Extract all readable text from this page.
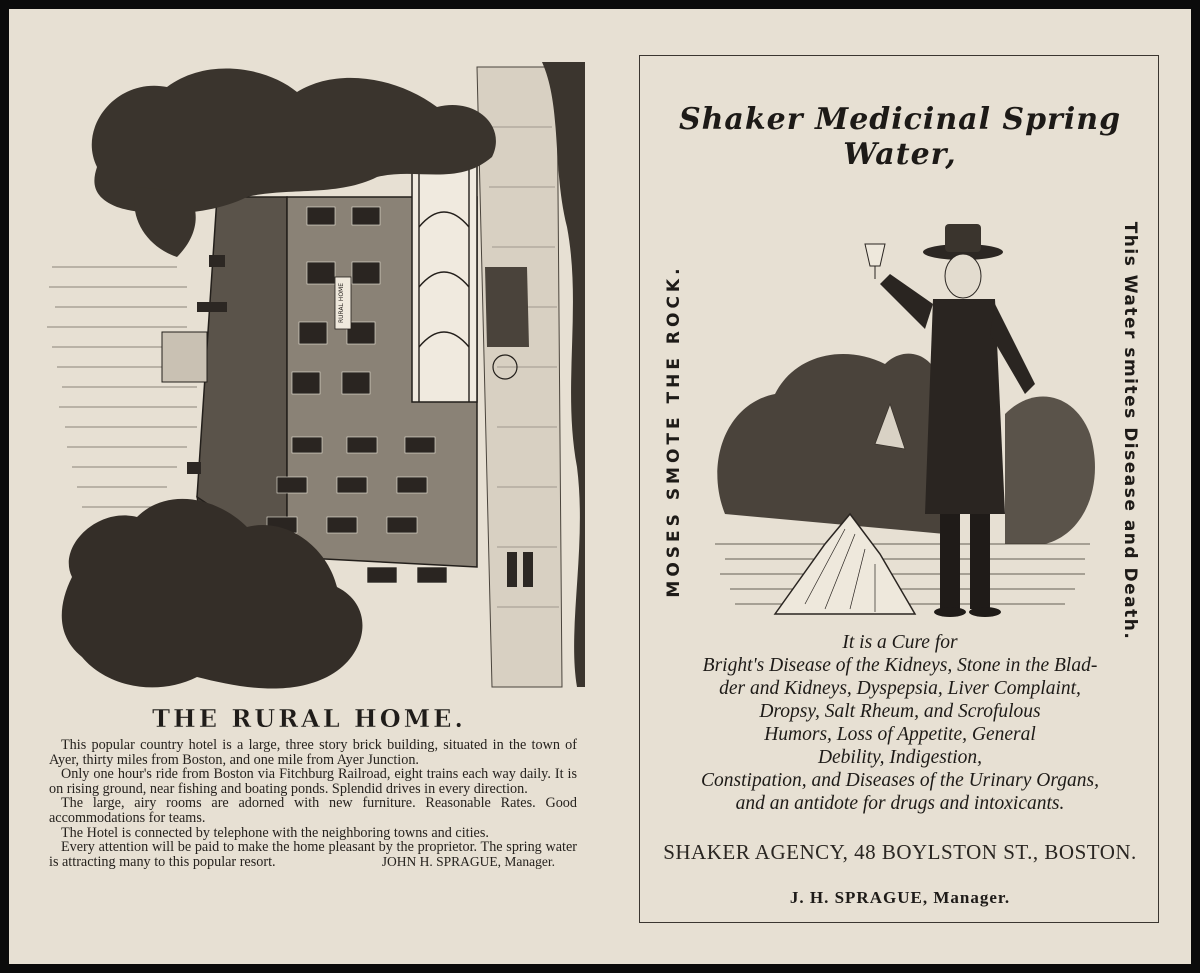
RURAL HOME
THE RURAL HOME.

This popular country hotel is a large, three story brick building, situated in the town of Ayer, thirty miles from Boston, and one mile from Ayer Junction.

Only one hour's ride from Boston via Fitchburg Railroad, eight trains each way daily. It is on rising ground, near fishing and boating ponds. Splendid drives in every direction.

The large, airy rooms are adorned with new furniture. Reasonable Rates. Good accommodations for teams.

The Hotel is connected by telephone with the neighboring towns and cities.

Every attention will be paid to make the home pleasant by the proprietor. The spring water is attracting many to this popular resort.	JOHN H. SPRAGUE, Manager.

Shaker Medicinal Spring Water,
MOSES SMOTE THE ROCK.	This Water smites Disease and Death.
It is a Cure for
Bright's Disease of the Kidneys, Stone in the Blad-
der and Kidneys, Dyspepsia, Liver Complaint,
Dropsy, Salt Rheum, and Scrofulous
Humors, Loss of Appetite, General
Debility, Indigestion,
Constipation, and Diseases of the Urinary Organs,
and an antidote for drugs and intoxicants.
SHAKER AGENCY, 48 BOYLSTON ST., BOSTON.
J. H. SPRAGUE, Manager.
